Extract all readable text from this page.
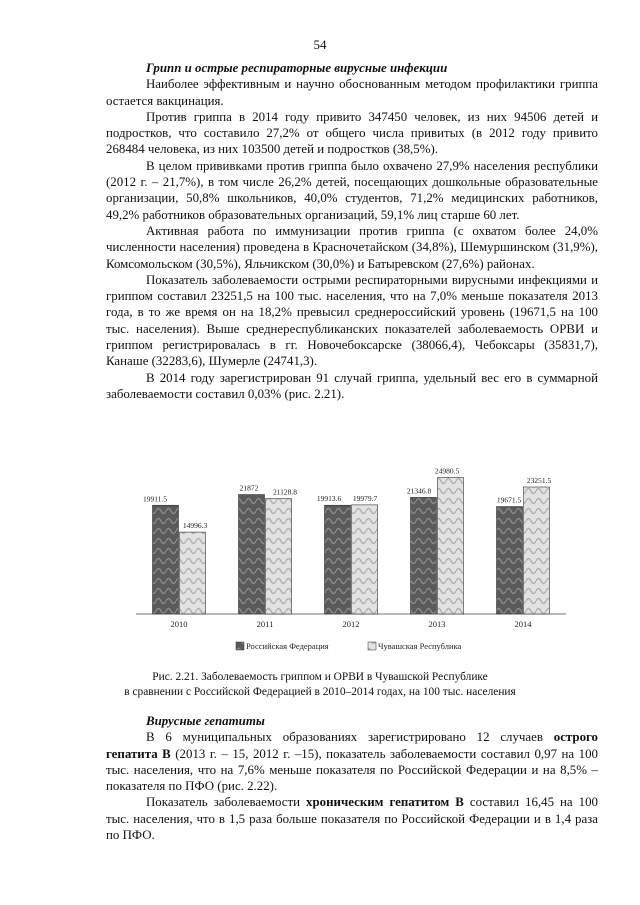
54
Грипп и острые респираторные вирусные инфекции

Наиболее эффективным и научно обоснованным методом профилактики гриппа остается вакцинация.

Против гриппа в 2014 году привито 347450 человек, из них 94506 детей и подростков, что составило 27,2% от общего числа привитых (в 2012 году привито 268484 человека, из них 103500 детей и подростков (38,5%).

В целом прививками против гриппа было охвачено 27,9% населения республики (2012 г. – 21,7%), в том числе 26,2% детей, посещающих дошкольные образовательные организации, 50,8% школьников, 40,0% студентов, 71,2% медицинских работников, 49,2% работников образовательных организаций, 59,1% лиц старше 60 лет.

Активная работа по иммунизации против гриппа (с охватом более 24,0% численности населения) проведена в Красночетайском (34,8%), Шемуршинском (31,9%), Комсомольском (30,5%), Яльчикском (30,0%) и Батыревском (27,6%) районах.

Показатель заболеваемости острыми респираторными вирусными инфекциями и гриппом составил 23251,5 на 100 тыс. населения, что на 7,0% меньше показателя 2013 года, в то же время он на 18,2% превысил среднероссийский уровень (19671,5 на 100 тыс. населения). Выше среднереспубликанских показателей заболеваемость ОРВИ и гриппом регистрировалась в гг. Новочебоксарске (38066,4), Чебоксары (35831,7), Канаше (32283,6), Шумерле (24741,3).

В 2014 году зарегистрирован 91 случай гриппа, удельный вес его в суммарной заболеваемости составил 0,03% (рис. 2.21).

2010	2011	2012	2013	2014
19911.5
14996.3
21872 21128.8
19913.6 19979.7
21346.8
24980.5
19671.5
23251.5
Российская Федерация	Чувашская Республика
Рис. 2.21. Заболеваемость гриппом и ОРВИ в Чувашской Республике
в сравнении с Российской Федерацией в 2010–2014 годах, на 100 тыс. населения
Вирусные гепатиты

В 6 муниципальных образованиях зарегистрировано 12 случаев острого гепатита В (2013 г. – 15, 2012 г. –15), показатель заболеваемости составил 0,97 на 100 тыс. населения, что на 7,6% меньше показателя по Российской Федерации и на 8,5% – показателя по ПФО (рис. 2.22).

Показатель заболеваемости хроническим гепатитом В составил 16,45 на 100 тыс. населения, что в 1,5 раза больше показателя по Российской Федерации и в 1,4 раза по ПФО.
